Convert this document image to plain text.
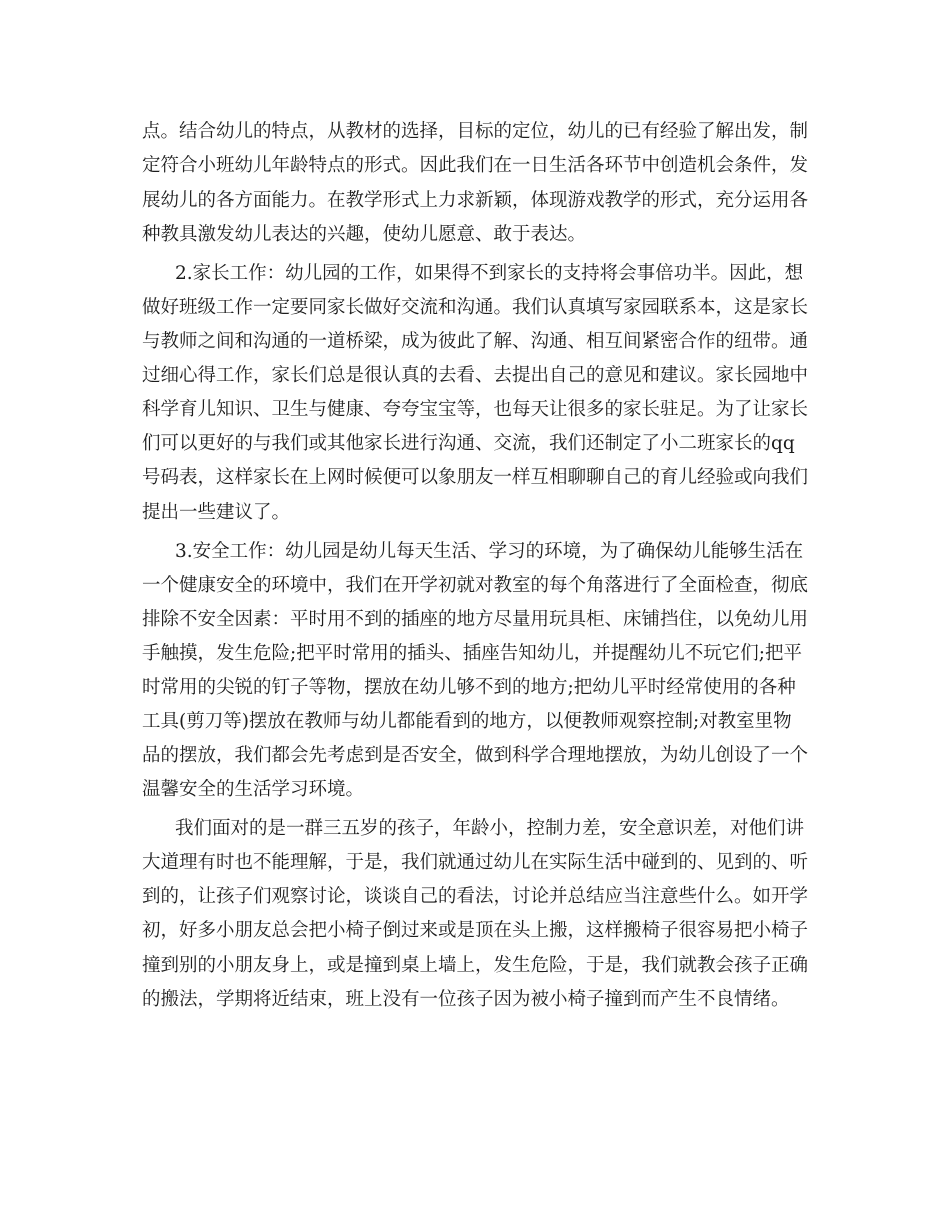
点。结合幼儿的特点，从教材的选择，目标的定位，幼儿的已有经验了解出发，制
定符合小班幼儿年龄特点的形式。因此我们在一日生活各环节中创造机会条件，发
展幼儿的各方面能力。在教学形式上力求新颖，体现游戏教学的形式，充分运用各
种教具激发幼儿表达的兴趣，使幼儿愿意、敢于表达。
2.家长工作：幼儿园的工作，如果得不到家长的支持将会事倍功半。因此，想
做好班级工作一定要同家长做好交流和沟通。我们认真填写家园联系本，这是家长
与教师之间和沟通的一道桥梁，成为彼此了解、沟通、相互间紧密合作的纽带。通
过细心得工作，家长们总是很认真的去看、去提出自己的意见和建议。家长园地中
科学育儿知识、卫生与健康、夸夸宝宝等，也每天让很多的家长驻足。为了让家长
们可以更好的与我们或其他家长进行沟通、交流，我们还制定了小二班家长的qq
号码表，这样家长在上网时候便可以象朋友一样互相聊聊自己的育儿经验或向我们
提出一些建议了。
3.安全工作：幼儿园是幼儿每天生活、学习的环境，为了确保幼儿能够生活在
一个健康安全的环境中，我们在开学初就对教室的每个角落进行了全面检查，彻底
排除不安全因素：平时用不到的插座的地方尽量用玩具柜、床铺挡住，以免幼儿用
手触摸，发生危险;把平时常用的插头、插座告知幼儿，并提醒幼儿不玩它们;把平
时常用的尖锐的钉子等物，摆放在幼儿够不到的地方;把幼儿平时经常使用的各种
工具(剪刀等)摆放在教师与幼儿都能看到的地方，以便教师观察控制;对教室里物
品的摆放，我们都会先考虑到是否安全，做到科学合理地摆放，为幼儿创设了一个
温馨安全的生活学习环境。
我们面对的是一群三五岁的孩子，年龄小，控制力差，安全意识差，对他们讲
大道理有时也不能理解，于是，我们就通过幼儿在实际生活中碰到的、见到的、听
到的，让孩子们观察讨论，谈谈自己的看法，讨论并总结应当注意些什么。如开学
初，好多小朋友总会把小椅子倒过来或是顶在头上搬，这样搬椅子很容易把小椅子
撞到别的小朋友身上，或是撞到桌上墙上，发生危险，于是，我们就教会孩子正确
的搬法，学期将近结束，班上没有一位孩子因为被小椅子撞到而产生不良情绪。
